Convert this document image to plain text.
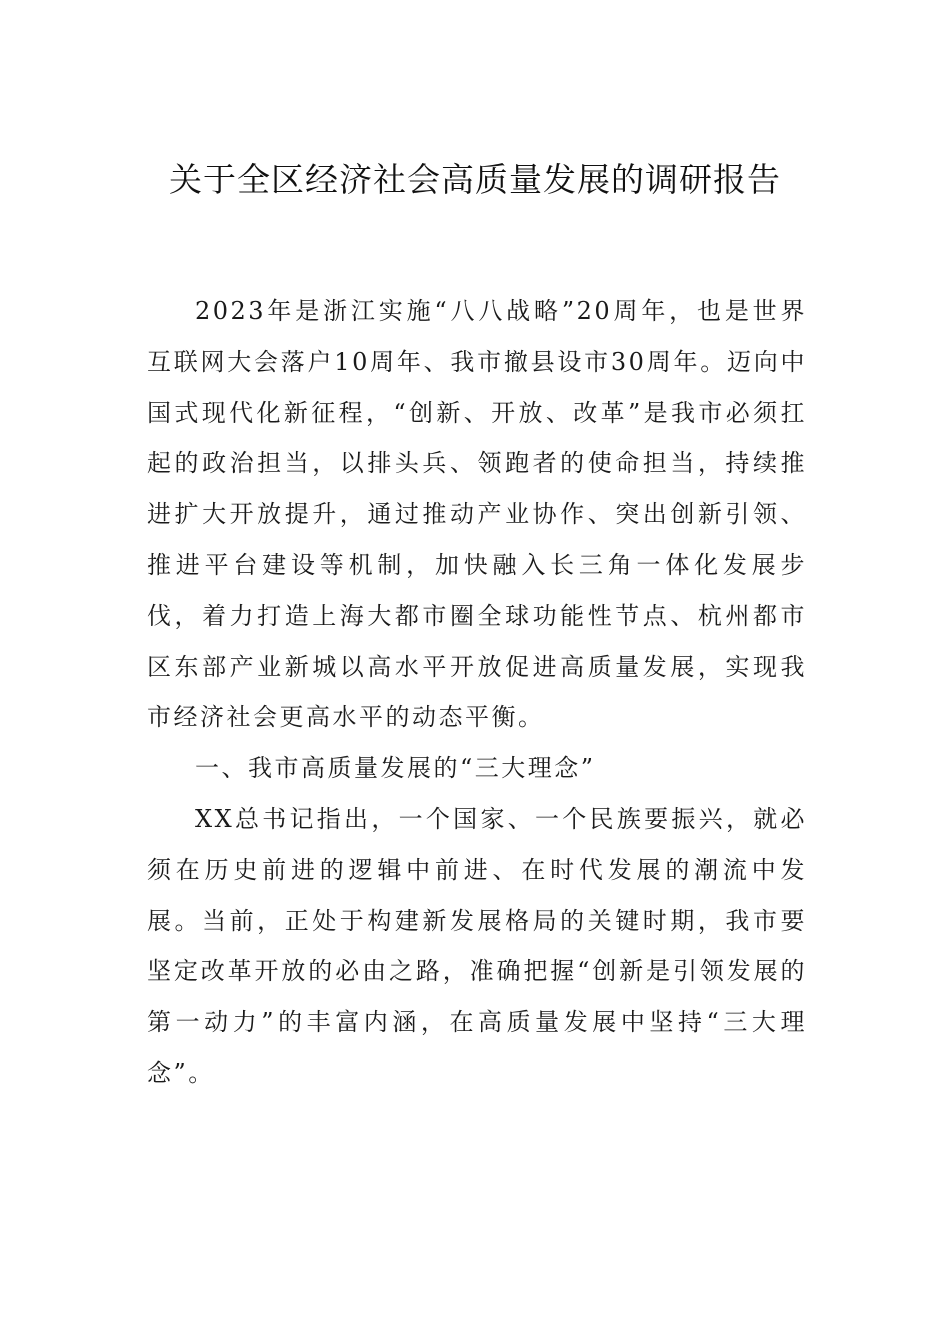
关于全区经济社会高质量发展的调研报告

2023年是浙江实施“八八战略”20周年，也是世界互联网大会落户10周年、我市撤县设市30周年。迈向中国式现代化新征程，“创新、开放、改革”是我市必须扛起的政治担当，以排头兵、领跑者的使命担当，持续推进扩大开放提升，通过推动产业协作、突出创新引领、推进平台建设等机制，加快融入长三角一体化发展步伐，着力打造上海大都市圈全球功能性节点、杭州都市区东部产业新城以高水平开放促进高质量发展，实现我市经济社会更高水平的动态平衡。

一、我市高质量发展的“三大理念”

XX总书记指出，一个国家、一个民族要振兴，就必须在历史前进的逻辑中前进、在时代发展的潮流中发展。当前，正处于构建新发展格局的关键时期，我市要坚定改革开放的必由之路，准确把握“创新是引领发展的第一动力”的丰富内涵，在高质量发展中坚持“三大理念”。
